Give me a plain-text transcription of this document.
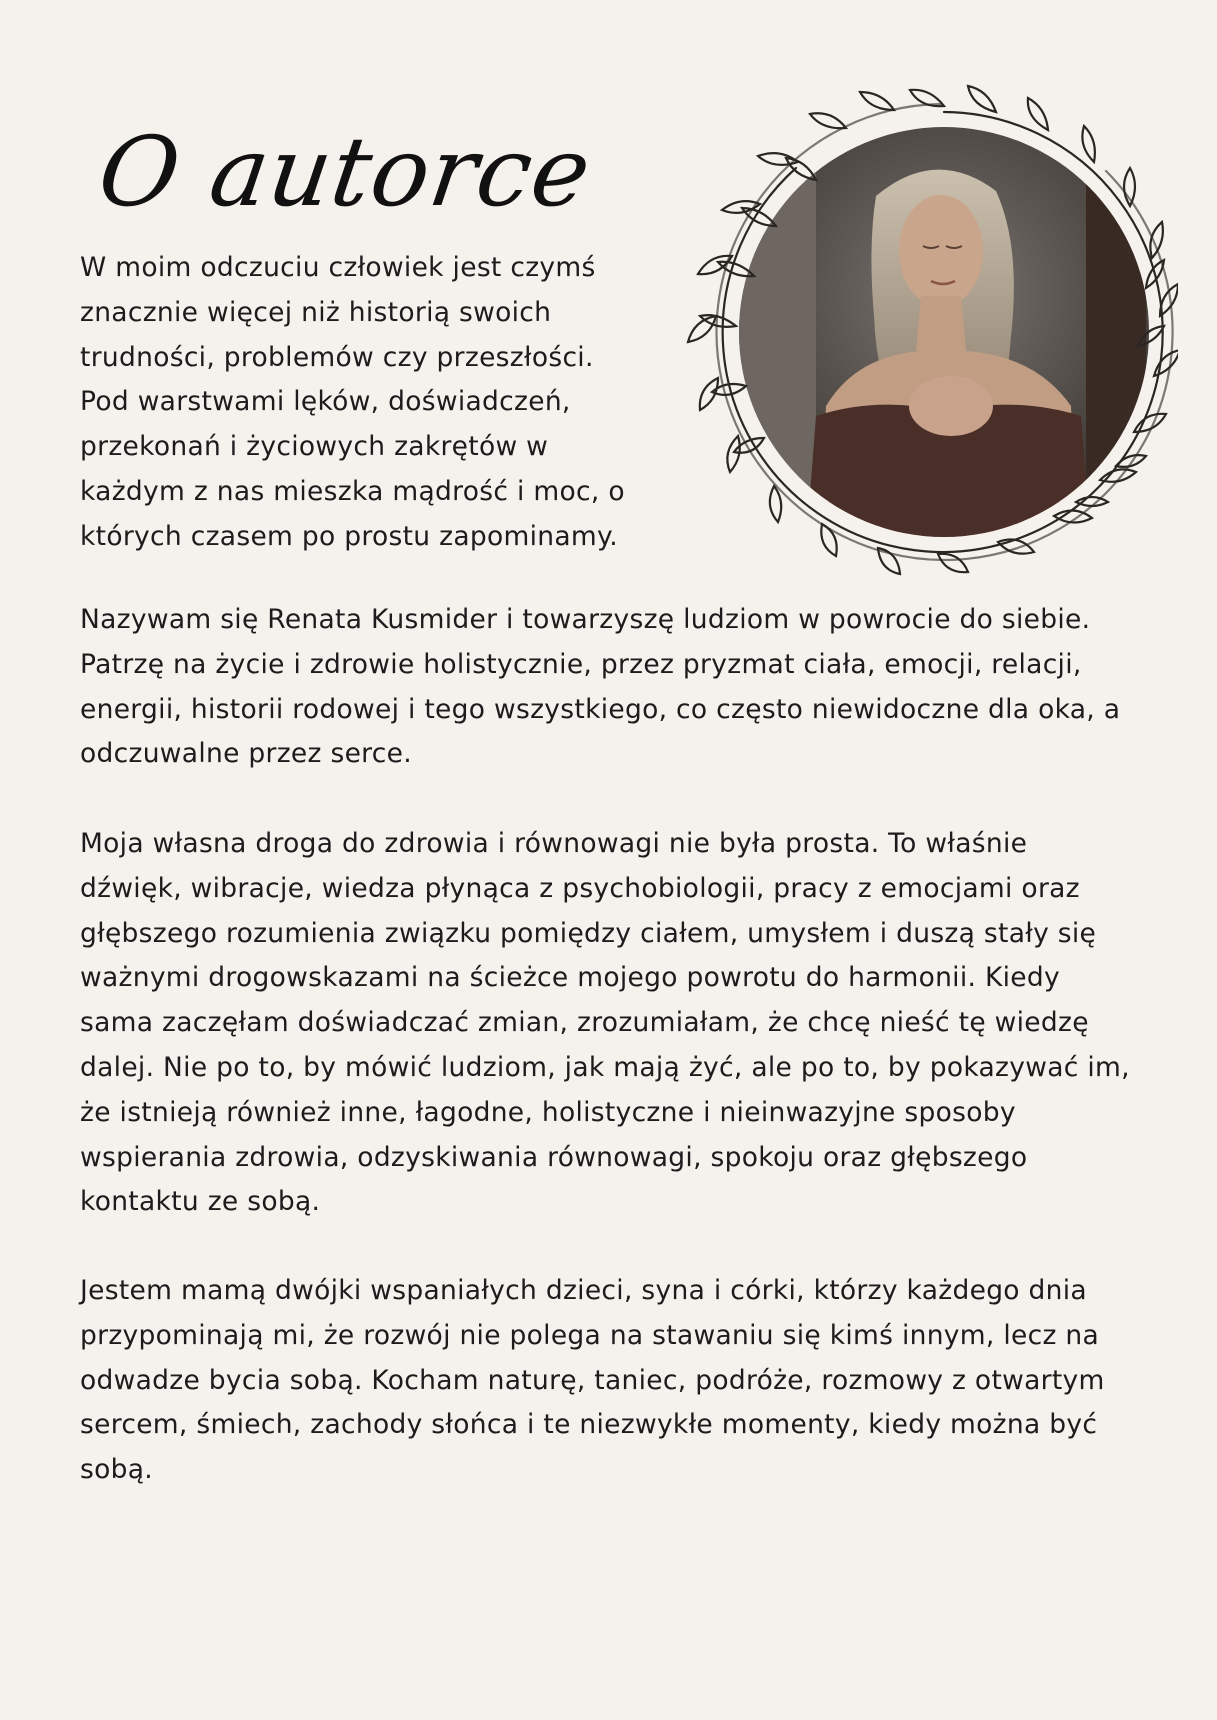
O autorce

W moim odczuciu człowiek jest czymś
znacznie więcej niż historią swoich
trudności, problemów czy przeszłości.
Pod warstwami lęków, doświadczeń,
przekonań i życiowych zakrętów w
każdym z nas mieszka mądrość i moc, o
których czasem po prostu zapominamy.

Nazywam się Renata Kusmider i towarzyszę ludziom w powrocie do siebie.
Patrzę na życie i zdrowie holistycznie, przez pryzmat ciała, emocji, relacji,
energii, historii rodowej i tego wszystkiego, co często niewidoczne dla oka, a
odczuwalne przez serce.

Moja własna droga do zdrowia i równowagi nie była prosta. To właśnie
dźwięk, wibracje, wiedza płynąca z psychobiologii, pracy z emocjami oraz
głębszego rozumienia związku pomiędzy ciałem, umysłem i duszą stały się
ważnymi drogowskazami na ścieżce mojego powrotu do harmonii. Kiedy
sama zaczęłam doświadczać zmian, zrozumiałam, że chcę nieść tę wiedzę
dalej. Nie po to, by mówić ludziom, jak mają żyć, ale po to, by pokazywać im,
że istnieją również inne, łagodne, holistyczne i nieinwazyjne sposoby
wspierania zdrowia, odzyskiwania równowagi, spokoju oraz głębszego
kontaktu ze sobą.

Jestem mamą dwójki wspaniałych dzieci, syna i córki, którzy każdego dnia
przypominają mi, że rozwój nie polega na stawaniu się kimś innym, lecz na
odwadze bycia sobą. Kocham naturę, taniec, podróże, rozmowy z otwartym
sercem, śmiech, zachody słońca i te niezwykłe momenty, kiedy można być
sobą.
